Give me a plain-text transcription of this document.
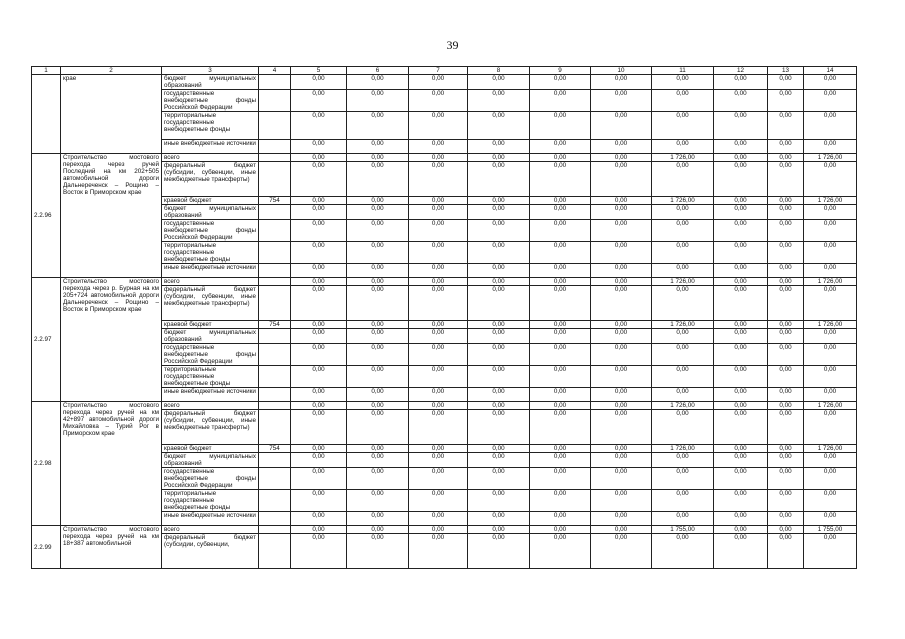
39
1	2	3	4	5	6	7	8	9	10	11	12	13	14
	крае	бюджет муниципальных образований		0,00	0,00	0,00	0,00	0,00	0,00	0,00	0,00	0,00	0,00
		государственные внебюджетные фонды Российской Федерации		0,00	0,00	0,00	0,00	0,00	0,00	0,00	0,00	0,00	0,00
		территориальные государственные внебюджетные фонды		0,00	0,00	0,00	0,00	0,00	0,00	0,00	0,00	0,00	0,00
		иные внебюджетные источники		0,00	0,00	0,00	0,00	0,00	0,00	0,00	0,00	0,00	0,00
2.2.96	Строительство мостового перехода через ручей Последний на км 202+505 автомобильной дороги Дальнереченск – Рощино – Восток в Приморском крае	всего		0,00	0,00	0,00	0,00	0,00	0,00	1 726,00	0,00	0,00	1 726,00
		федеральный бюджет (субсидии, субвенции, иные межбюджетные трансферты)		0,00	0,00	0,00	0,00	0,00	0,00	0,00	0,00	0,00	0,00
		краевой бюджет	754	0,00	0,00	0,00	0,00	0,00	0,00	1 726,00	0,00	0,00	1 726,00
		бюджет муниципальных образований		0,00	0,00	0,00	0,00	0,00	0,00	0,00	0,00	0,00	0,00
		государственные внебюджетные фонды Российской Федерации		0,00	0,00	0,00	0,00	0,00	0,00	0,00	0,00	0,00	0,00
		территориальные государственные внебюджетные фонды		0,00	0,00	0,00	0,00	0,00	0,00	0,00	0,00	0,00	0,00
		иные внебюджетные источники		0,00	0,00	0,00	0,00	0,00	0,00	0,00	0,00	0,00	0,00
2.2.97	Строительство мостового перехода через р. Бурная на км 205+724 автомобильной дороги Дальнереченск – Рощино – Восток в Приморском крае	всего		0,00	0,00	0,00	0,00	0,00	0,00	1 726,00	0,00	0,00	1 726,00
		федеральный бюджет (субсидии, субвенции, иные межбюджетные трансферты)		0,00	0,00	0,00	0,00	0,00	0,00	0,00	0,00	0,00	0,00
		краевой бюджет	754	0,00	0,00	0,00	0,00	0,00	0,00	1 726,00	0,00	0,00	1 726,00
		бюджет муниципальных образований		0,00	0,00	0,00	0,00	0,00	0,00	0,00	0,00	0,00	0,00
		государственные внебюджетные фонды Российской Федерации		0,00	0,00	0,00	0,00	0,00	0,00	0,00	0,00	0,00	0,00
		территориальные государственные внебюджетные фонды		0,00	0,00	0,00	0,00	0,00	0,00	0,00	0,00	0,00	0,00
		иные внебюджетные источники		0,00	0,00	0,00	0,00	0,00	0,00	0,00	0,00	0,00	0,00
2.2.98	Строительство мостового перехода через ручей на км 42+897 автомобильной дороги Михайловка – Турий Рог в Приморском крае	всего		0,00	0,00	0,00	0,00	0,00	0,00	1 726,00	0,00	0,00	1 726,00
		федеральный бюджет (субсидии, субвенции, иные межбюджетные трансферты)		0,00	0,00	0,00	0,00	0,00	0,00	0,00	0,00	0,00	0,00
		краевой бюджет	754	0,00	0,00	0,00	0,00	0,00	0,00	1 726,00	0,00	0,00	1 726,00
		бюджет муниципальных образований		0,00	0,00	0,00	0,00	0,00	0,00	0,00	0,00	0,00	0,00
		государственные внебюджетные фонды Российской Федерации		0,00	0,00	0,00	0,00	0,00	0,00	0,00	0,00	0,00	0,00
		территориальные государственные внебюджетные фонды		0,00	0,00	0,00	0,00	0,00	0,00	0,00	0,00	0,00	0,00
		иные внебюджетные источники		0,00	0,00	0,00	0,00	0,00	0,00	0,00	0,00	0,00	0,00
2.2.99	Строительство мостового перехода через ручей на км 18+387 автомобильной	всего		0,00	0,00	0,00	0,00	0,00	0,00	1 755,00	0,00	0,00	1 755,00
		федеральный бюджет (субсидии, субвенции,		0,00	0,00	0,00	0,00	0,00	0,00	0,00	0,00	0,00	0,00
